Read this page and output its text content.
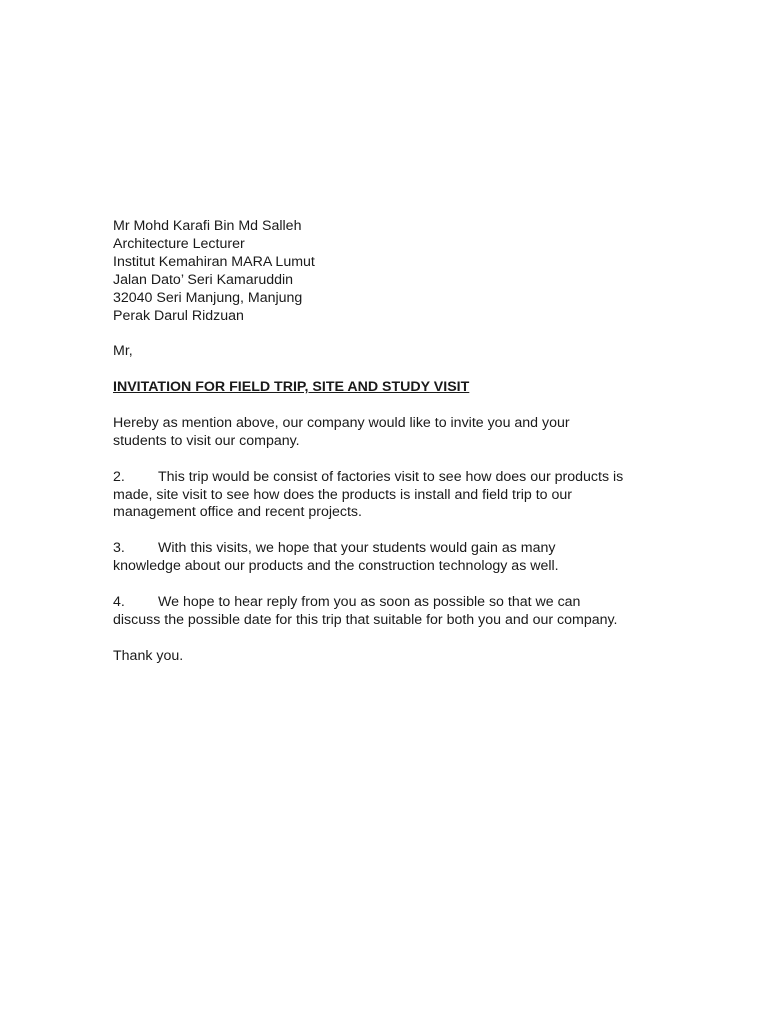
Mr Mohd Karafi Bin Md Salleh
Architecture Lecturer
Institut Kemahiran MARA Lumut
Jalan Dato’ Seri Kamaruddin
32040 Seri Manjung, Manjung
Perak Darul Ridzuan
Mr,
INVITATION FOR FIELD TRIP, SITE AND STUDY VISIT
Hereby as mention above, our company would like to invite you and your
students to visit our company.
2. This trip would be consist of factories visit to see how does our products is
made, site visit to see how does the products is install and field trip to our
management office and recent projects.
3. With this visits, we hope that your students would gain as many
knowledge about our products and the construction technology as well.
4. We hope to hear reply from you as soon as possible so that we can
discuss the possible date for this trip that suitable for both you and our company.
Thank you.
